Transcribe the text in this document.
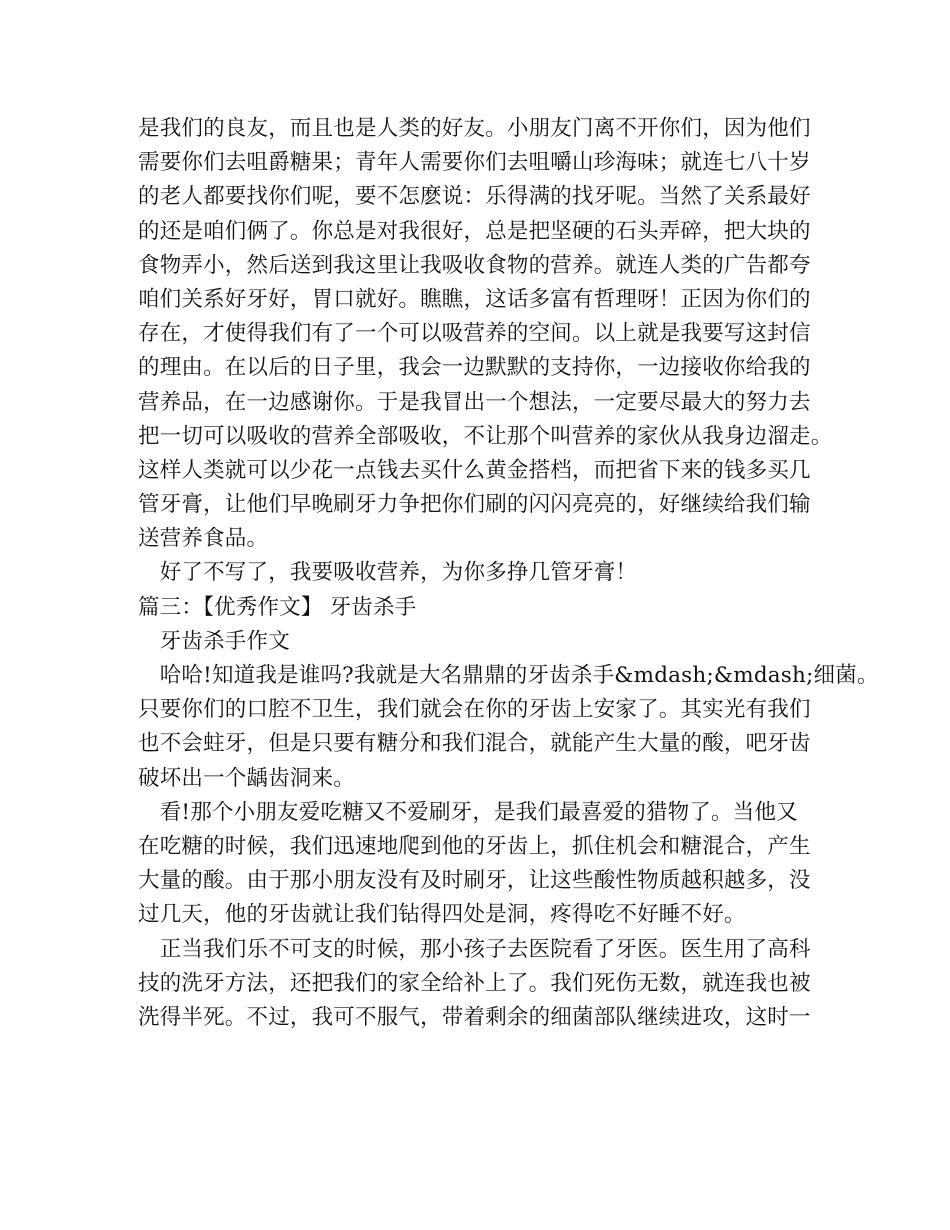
是我们的良友，而且也是人类的好友。小朋友门离不开你们，因为他们
需要你们去咀爵糖果；青年人需要你们去咀嚼山珍海味；就连七八十岁
的老人都要找你们呢，要不怎麽说：乐得满的找牙呢。当然了关系最好
的还是咱们俩了。你总是对我很好，总是把坚硬的石头弄碎，把大块的
食物弄小，然后送到我这里让我吸收食物的营养。就连人类的广告都夸
咱们关系好牙好，胃口就好。瞧瞧，这话多富有哲理呀！正因为你们的
存在，才使得我们有了一个可以吸营养的空间。以上就是我要写这封信
的理由。在以后的日子里，我会一边默默的支持你，一边接收你给我的
营养品，在一边感谢你。于是我冒出一个想法，一定要尽最大的努力去
把一切可以吸收的营养全部吸收，不让那个叫营养的家伙从我身边溜走。
这样人类就可以少花一点钱去买什么黄金搭档，而把省下来的钱多买几
管牙膏，让他们早晚刷牙力争把你们刷的闪闪亮亮的，好继续给我们输
送营养食品。
　好了不写了，我要吸收营养，为你多挣几管牙膏！
篇三：【优秀作文】 牙齿杀手
　牙齿杀手作文
　哈哈!知道我是谁吗?我就是大名鼎鼎的牙齿杀手&mdash;&mdash;细菌。
只要你们的口腔不卫生，我们就会在你的牙齿上安家了。其实光有我们
也不会蛀牙，但是只要有糖分和我们混合，就能产生大量的酸，吧牙齿
破坏出一个龋齿洞来。
　看!那个小朋友爱吃糖又不爱刷牙，是我们最喜爱的猎物了。当他又
在吃糖的时候，我们迅速地爬到他的牙齿上，抓住机会和糖混合，产生
大量的酸。由于那小朋友没有及时刷牙，让这些酸性物质越积越多，没
过几天，他的牙齿就让我们钻得四处是洞，疼得吃不好睡不好。
　正当我们乐不可支的时候，那小孩子去医院看了牙医。医生用了高科
技的洗牙方法，还把我们的家全给补上了。我们死伤无数，就连我也被
洗得半死。不过，我可不服气，带着剩余的细菌部队继续进攻，这时一
